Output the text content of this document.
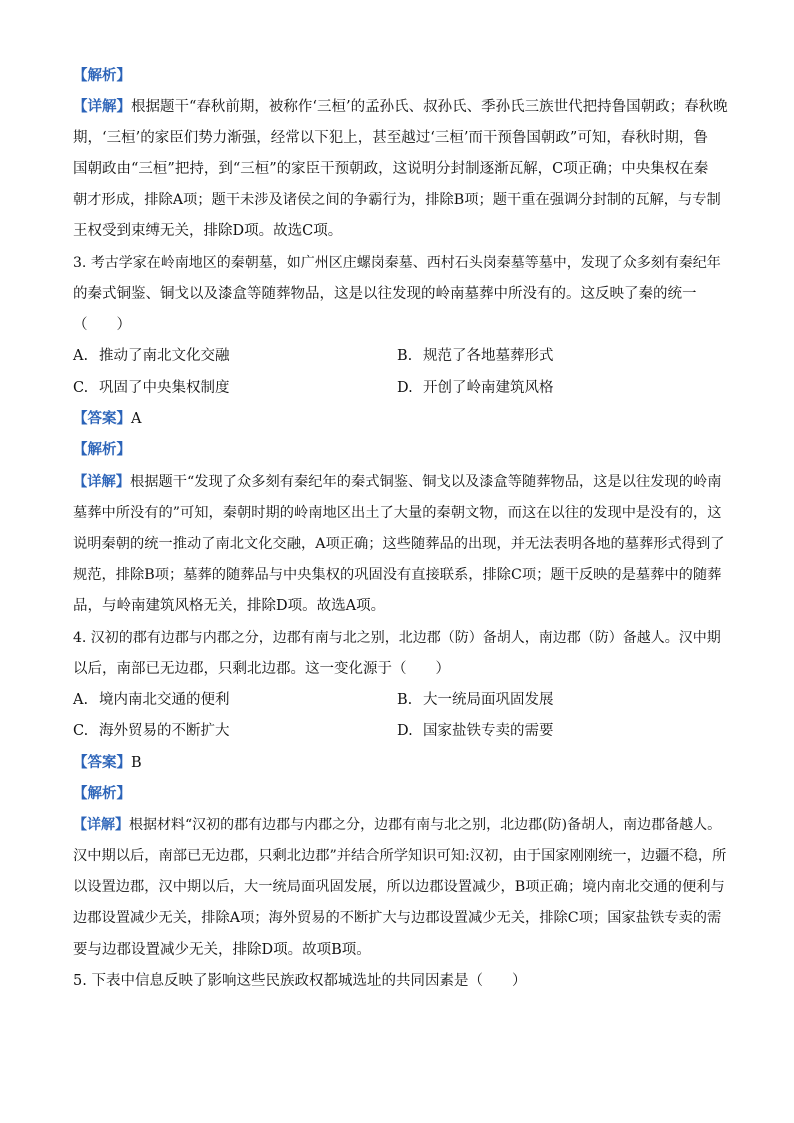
【解析】
【详解】根据题干“春秋前期，被称作‘三桓’的孟孙氏、叔孙氏、季孙氏三族世代把持鲁国朝政；春秋晚
期，‘三桓’的家臣们势力渐强，经常以下犯上，甚至越过‘三桓’而干预鲁国朝政”可知，春秋时期，鲁
国朝政由“三桓”把持，到“三桓”的家臣干预朝政，这说明分封制逐渐瓦解，C项正确；中央集权在秦
朝才形成，排除A项；题干未涉及诸侯之间的争霸行为，排除B项；题干重在强调分封制的瓦解，与专制
王权受到束缚无关，排除D项。故选C项。
3. 考古学家在岭南地区的秦朝墓，如广州区庄螺岗秦墓、西村石头岗秦墓等墓中，发现了众多刻有秦纪年
的秦式铜鉴、铜戈以及漆盒等随葬物品，这是以往发现的岭南墓葬中所没有的。这反映了秦的统一
（　　）
A. 推动了南北文化交融	B. 规范了各地墓葬形式
C. 巩固了中央集权制度	D. 开创了岭南建筑风格
【答案】A
【解析】
【详解】根据题干“发现了众多刻有秦纪年的秦式铜鉴、铜戈以及漆盒等随葬物品，这是以往发现的岭南
墓葬中所没有的”可知，秦朝时期的岭南地区出土了大量的秦朝文物，而这在以往的发现中是没有的，这
说明秦朝的统一推动了南北文化交融，A项正确；这些随葬品的出现，并无法表明各地的墓葬形式得到了
规范，排除B项；墓葬的随葬品与中央集权的巩固没有直接联系，排除C项；题干反映的是墓葬中的随葬
品，与岭南建筑风格无关，排除D项。故选A项。
4. 汉初的郡有边郡与内郡之分，边郡有南与北之别，北边郡（防）备胡人，南边郡（防）备越人。汉中期
以后，南部已无边郡，只剩北边郡。这一变化源于（　　）
A. 境内南北交通的便利	B. 大一统局面巩固发展
C. 海外贸易的不断扩大	D. 国家盐铁专卖的需要
【答案】B
【解析】
【详解】根据材料“汉初的郡有边郡与内郡之分，边郡有南与北之别，北边郡(防)备胡人，南边郡备越人。
汉中期以后，南部已无边郡，只剩北边郡”并结合所学知识可知:汉初，由于国家刚刚统一，边疆不稳，所
以设置边郡，汉中期以后，大一统局面巩固发展，所以边郡设置减少，B项正确；境内南北交通的便利与
边郡设置减少无关，排除A项；海外贸易的不断扩大与边郡设置减少无关，排除C项；国家盐铁专卖的需
要与边郡设置减少无关，排除D项。故项B项。
5. 下表中信息反映了影响这些民族政权都城选址的共同因素是（　　）
